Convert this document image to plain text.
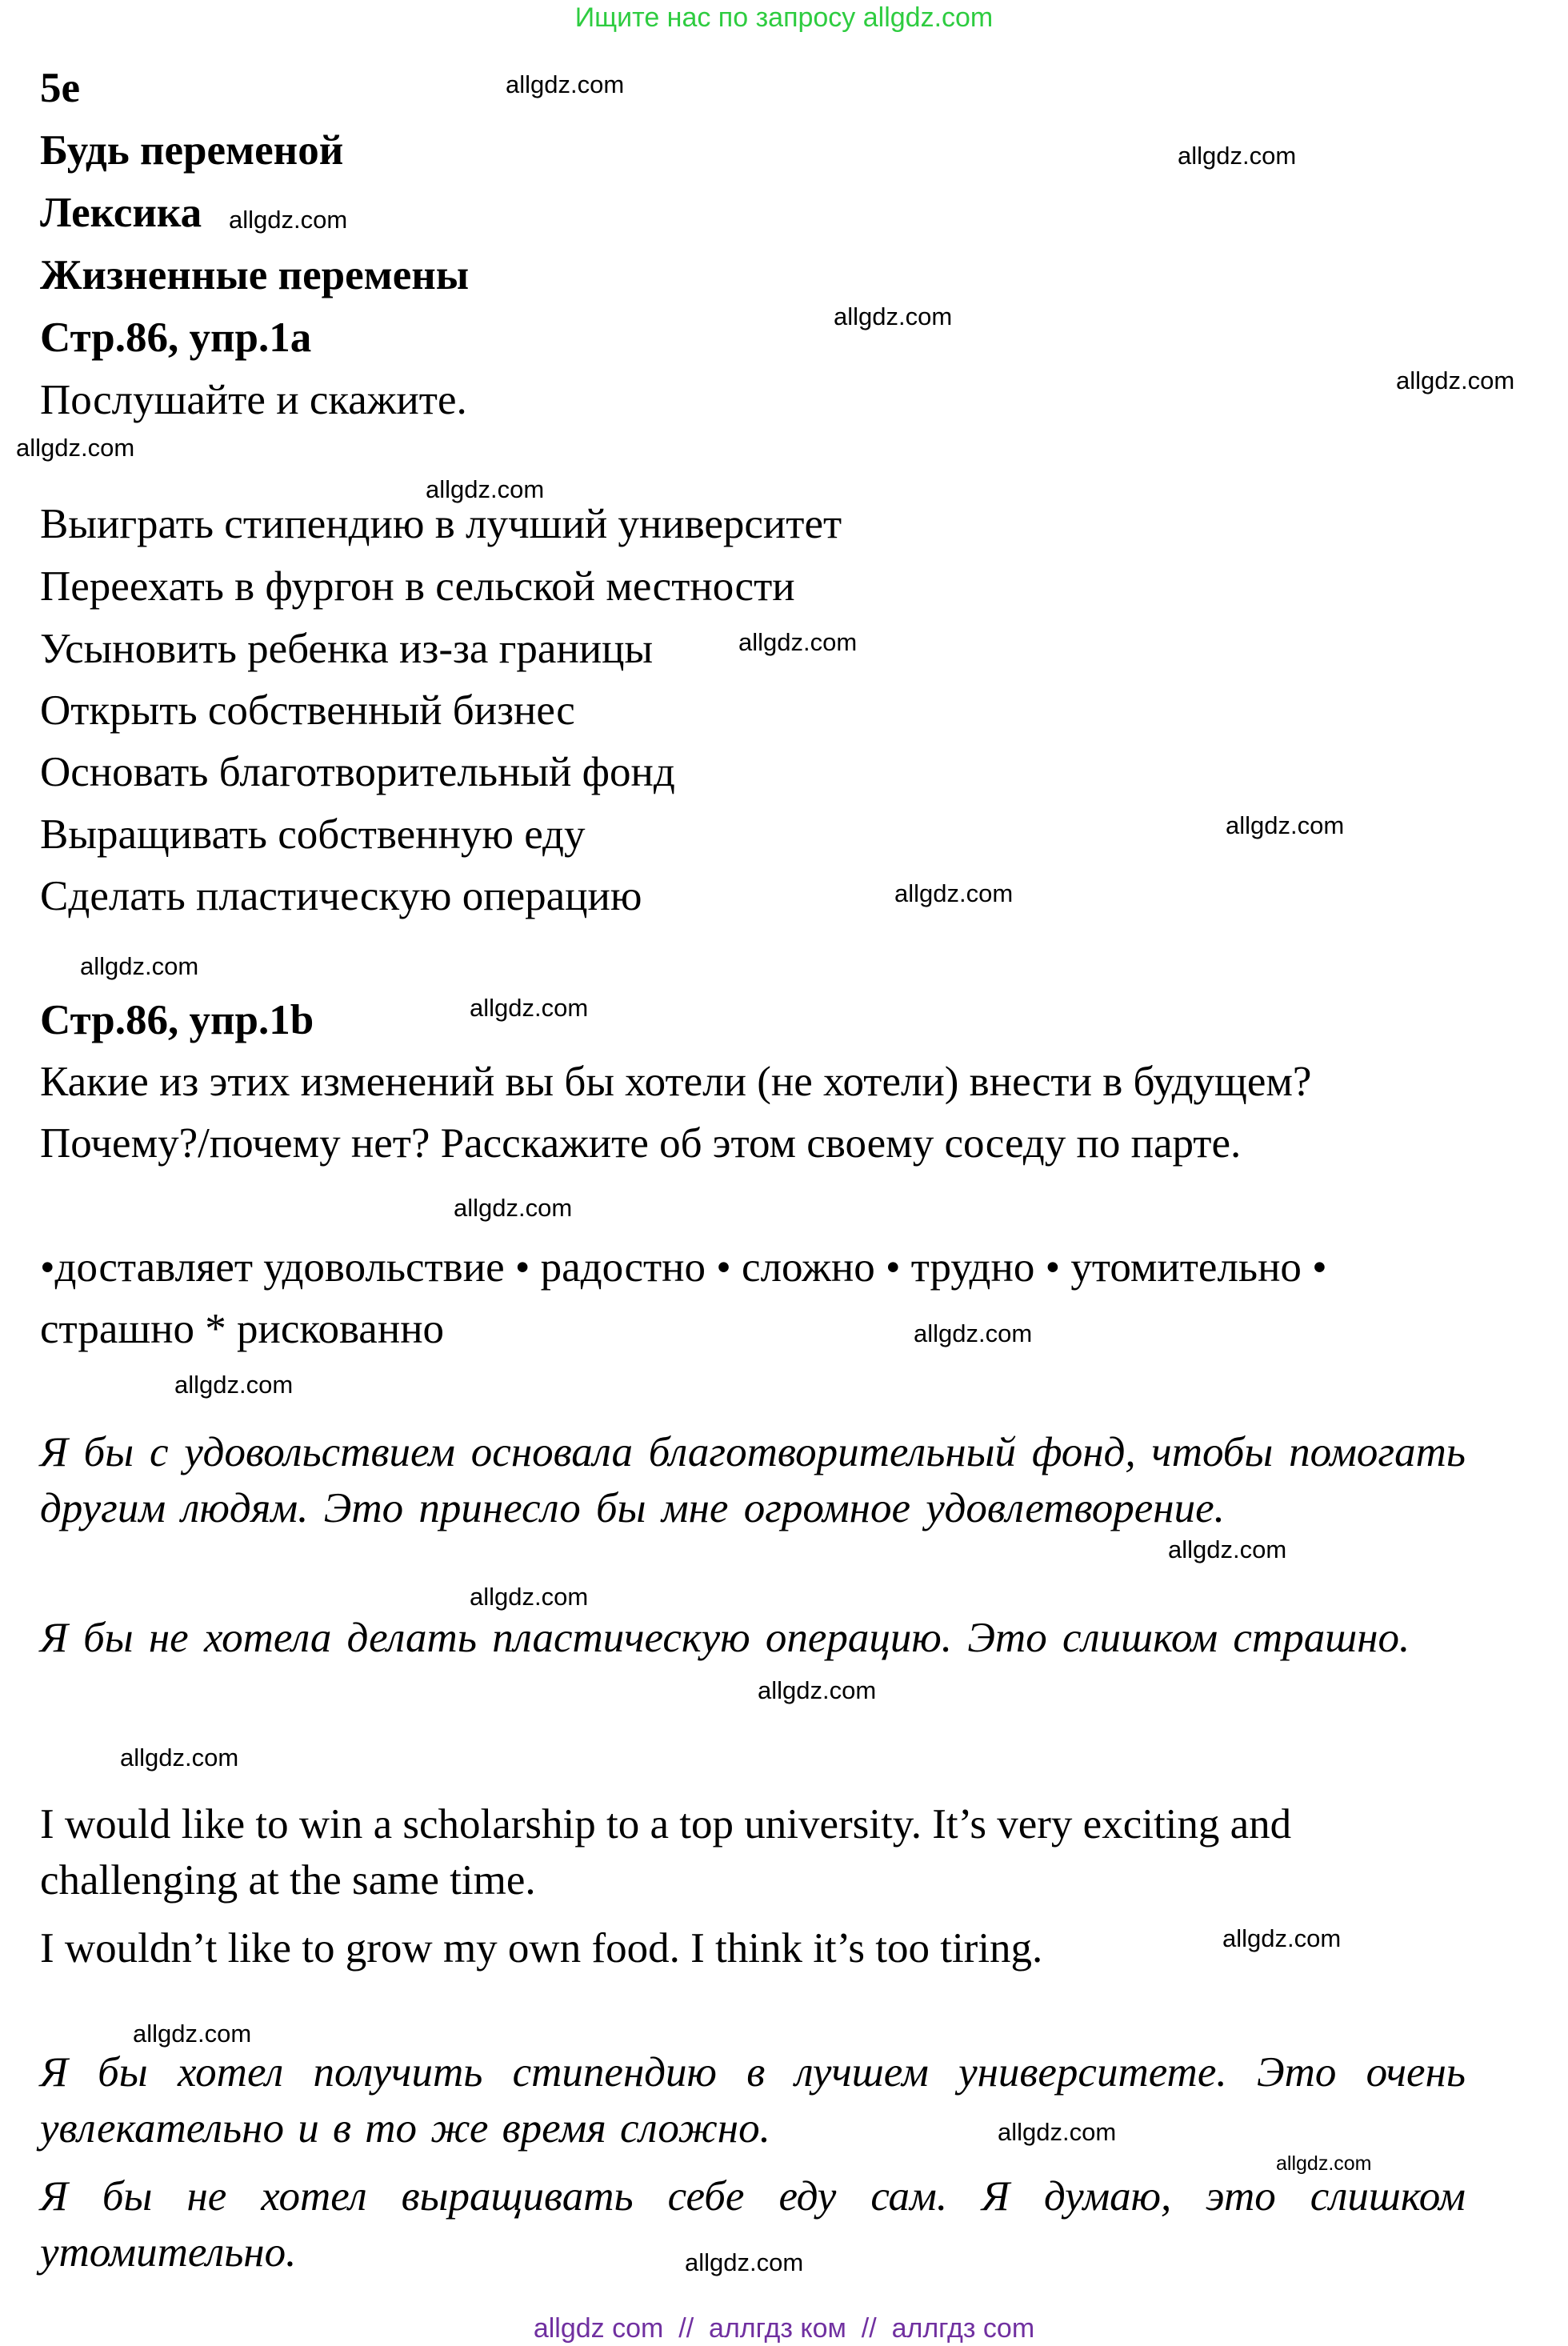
Ищите нас по запросу allgdz.com
5e
Будь переменой
Лексика
Жизненные перемены
Стр.86, упр.1a
Послушайте и скажите.
Выиграть стипендию в лучший университет
Переехать в фургон в сельской местности
Усыновить ребенка из-за границы
Открыть собственный бизнес
Основать благотворительный фонд
Выращивать собственную еду
Сделать пластическую операцию
Стр.86, упр.1b
Какие из этих изменений вы бы хотели (не хотели) внести в будущем?
Почему?/почему нет? Расскажите об этом своему соседу по парте.
•доставляет удовольствие • радостно • сложно • трудно • утомительно •
страшно * рискованно
Я бы с удовольствием основала благотворительный фонд, чтобы помогать другим людям. Это принесло бы мне огромное удовлетворение.
Я бы не хотела делать пластическую операцию. Это слишком страшно.
I would like to win a scholarship to a top university. It’s very exciting and challenging at the same time.
I wouldn’t like to grow my own food. I think it’s too tiring.
Я бы хотел получить стипендию в лучшем университете. Это очень увлекательно и в то же время сложно.
Я бы не хотел выращивать себе еду сам. Я думаю, это слишком утомительно.
allgdz.com
allgdz.com
allgdz.com
allgdz.com
allgdz.com
allgdz.com
allgdz.com
allgdz.com
allgdz.com
allgdz.com
allgdz.com
allgdz.com
allgdz.com
allgdz.com
allgdz.com
allgdz.com
allgdz.com
allgdz.com
allgdz.com
allgdz.com
allgdz.com
allgdz.com
allgdz.com
allgdz.com
allgdz com  //  аллгдз ком  //  аллгдз com
